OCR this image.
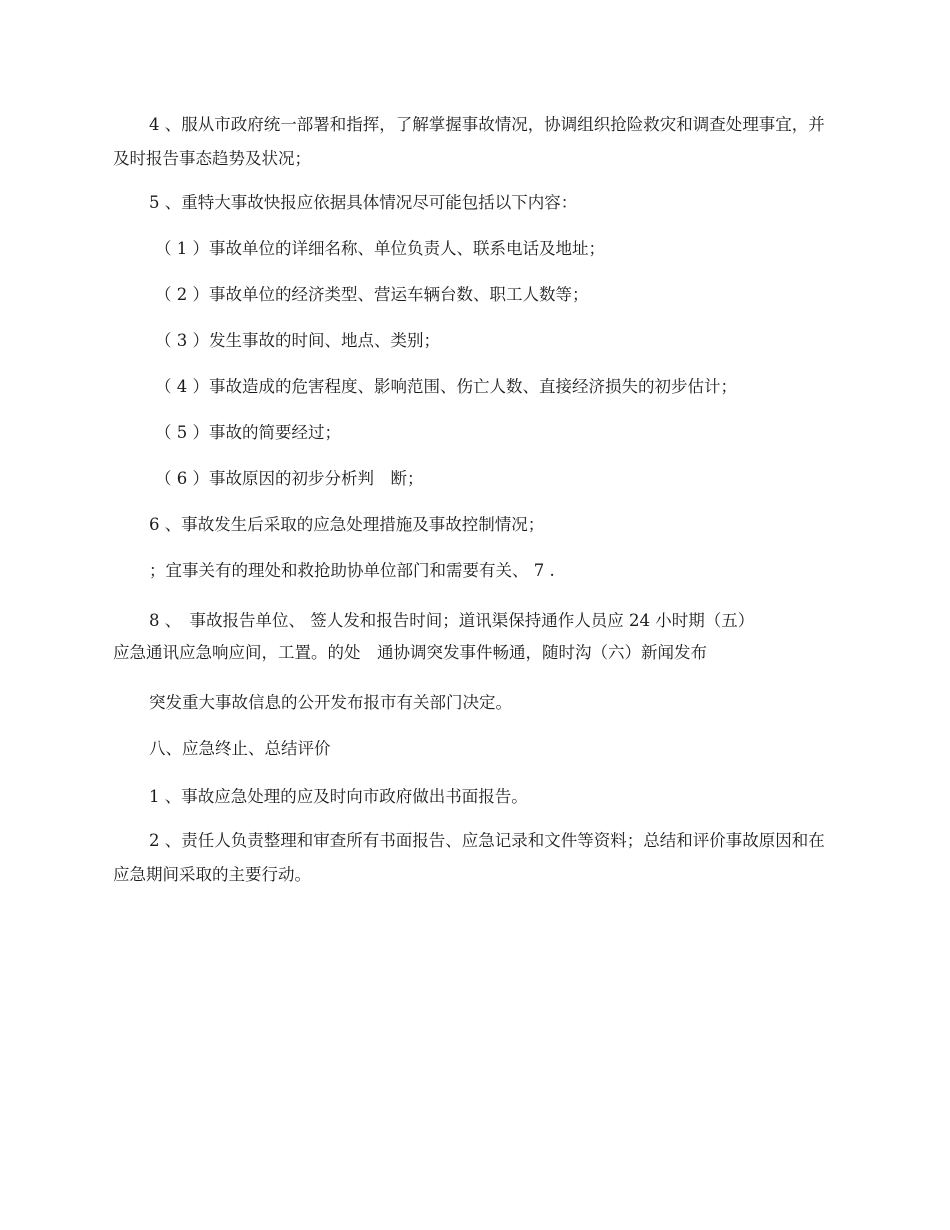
4 、服从市政府统一部署和指挥，了解掌握事故情况，协调组织抢险救灾和调查处理事宜，并及时报告事态趋势及状况；

5 、重特大事故快报应依据具体情况尽可能包括以下内容：

（ 1 ）事故单位的详细名称、单位负责人、联系电话及地址；

（ 2 ）事故单位的经济类型、营运车辆台数、职工人数等；

（ 3 ）发生事故的时间、地点、类别；

（ 4 ）事故造成的危害程度、影响范围、伤亡人数、直接经济损失的初步估计；

（ 5 ）事故的简要经过；

（ 6 ）事故原因的初步分析判　断；

6 、事故发生后采取的应急处理措施及事故控制情况；

；宜事关有的理处和救抢助协单位部门和需要有关、 7 .

8 、　事故报告单位、 签人发和报告时间；道讯渠保持通作人员应 24 小时期（五）

应急通讯应急响应间，工置。的处　通协调突发事件畅通，随时沟（六）新闻发布

突发重大事故信息的公开发布报市有关部门决定。

八、应急终止、总结评价

1 、事故应急处理的应及时向市政府做出书面报告。

2 、责任人负责整理和审查所有书面报告、应急记录和文件等资料；总结和评价事故原因和在应急期间采取的主要行动。
